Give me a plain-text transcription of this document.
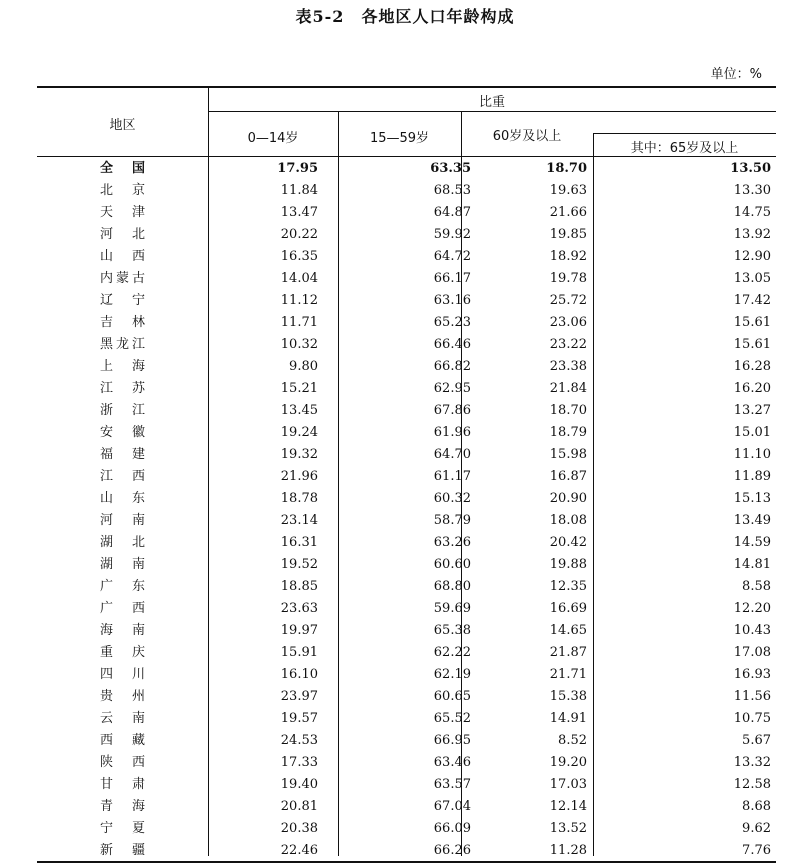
表5-2　各地区人口年龄构成
单位：%
地区
比重
0—14岁	15—59岁	60岁及以上
其中：65岁及以上
全　国	17.95	63.35	18.70	13.50
北　京	11.84	68.53	19.63	13.30
天　津	13.47	64.87	21.66	14.75
河　北	20.22	59.92	19.85	13.92
山　西	16.35	64.72	18.92	12.90
内蒙古	14.04	66.17	19.78	13.05
辽　宁	11.12	63.16	25.72	17.42
吉　林	11.71	65.23	23.06	15.61
黑龙江	10.32	66.46	23.22	15.61
上　海	9.80	66.82	23.38	16.28
江　苏	15.21	62.95	21.84	16.20
浙　江	13.45	67.86	18.70	13.27
安　徽	19.24	61.96	18.79	15.01
福　建	19.32	64.70	15.98	11.10
江　西	21.96	61.17	16.87	11.89
山　东	18.78	60.32	20.90	15.13
河　南	23.14	58.79	18.08	13.49
湖　北	16.31	63.26	20.42	14.59
湖　南	19.52	60.60	19.88	14.81
广　东	18.85	68.80	12.35	8.58
广　西	23.63	59.69	16.69	12.20
海　南	19.97	65.38	14.65	10.43
重　庆	15.91	62.22	21.87	17.08
四　川	16.10	62.19	21.71	16.93
贵　州	23.97	60.65	15.38	11.56
云　南	19.57	65.52	14.91	10.75
西　藏	24.53	66.95	8.52	5.67
陕　西	17.33	63.46	19.20	13.32
甘　肃	19.40	63.57	17.03	12.58
青　海	20.81	67.04	12.14	8.68
宁　夏	20.38	66.09	13.52	9.62
新　疆	22.46	66.26	11.28	7.76
